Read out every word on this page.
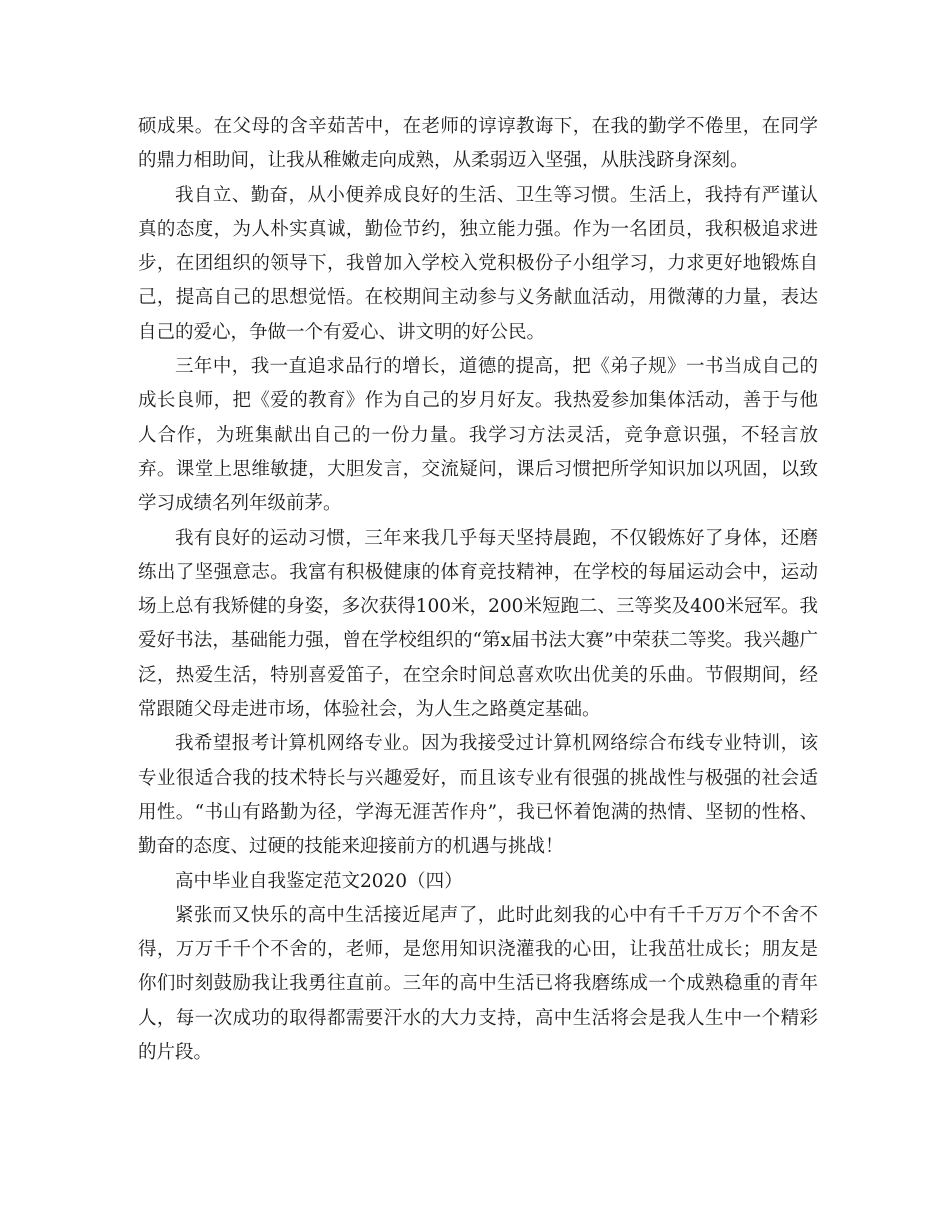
硕成果。在父母的含辛茹苦中，在老师的谆谆教诲下，在我的勤学不倦里，在同学的鼎力相助间，让我从稚嫩走向成熟，从柔弱迈入坚强，从肤浅跻身深刻。

我自立、勤奋，从小便养成良好的生活、卫生等习惯。生活上，我持有严谨认真的态度，为人朴实真诚，勤俭节约，独立能力强。作为一名团员，我积极追求进步，在团组织的领导下，我曾加入学校入党积极份子小组学习，力求更好地锻炼自己，提高自己的思想觉悟。在校期间主动参与义务献血活动，用微薄的力量，表达自己的爱心，争做一个有爱心、讲文明的好公民。

三年中，我一直追求品行的增长，道德的提高，把《弟子规》一书当成自己的成长良师，把《爱的教育》作为自己的岁月好友。我热爱参加集体活动，善于与他人合作，为班集献出自己的一份力量。我学习方法灵活，竞争意识强，不轻言放弃。课堂上思维敏捷，大胆发言，交流疑问，课后习惯把所学知识加以巩固，以致学习成绩名列年级前茅。

我有良好的运动习惯，三年来我几乎每天坚持晨跑，不仅锻炼好了身体，还磨练出了坚强意志。我富有积极健康的体育竞技精神，在学校的每届运动会中，运动场上总有我矫健的身姿，多次获得100米，200米短跑二、三等奖及400米冠军。我爱好书法，基础能力强，曾在学校组织的“第x届书法大赛”中荣获二等奖。我兴趣广泛，热爱生活，特别喜爱笛子，在空余时间总喜欢吹出优美的乐曲。节假期间，经常跟随父母走进市场，体验社会，为人生之路奠定基础。

我希望报考计算机网络专业。因为我接受过计算机网络综合布线专业特训，该专业很适合我的技术特长与兴趣爱好，而且该专业有很强的挑战性与极强的社会适用性。“书山有路勤为径，学海无涯苦作舟”，我已怀着饱满的热情、坚韧的性格、勤奋的态度、过硬的技能来迎接前方的机遇与挑战！

高中毕业自我鉴定范文2020（四）

紧张而又快乐的高中生活接近尾声了，此时此刻我的心中有千千万万个不舍不得，万万千千个不舍的，老师，是您用知识浇灌我的心田，让我茁壮成长；朋友是你们时刻鼓励我让我勇往直前。三年的高中生活已将我磨练成一个成熟稳重的青年人，每一次成功的取得都需要汗水的大力支持，高中生活将会是我人生中一个精彩的片段。
